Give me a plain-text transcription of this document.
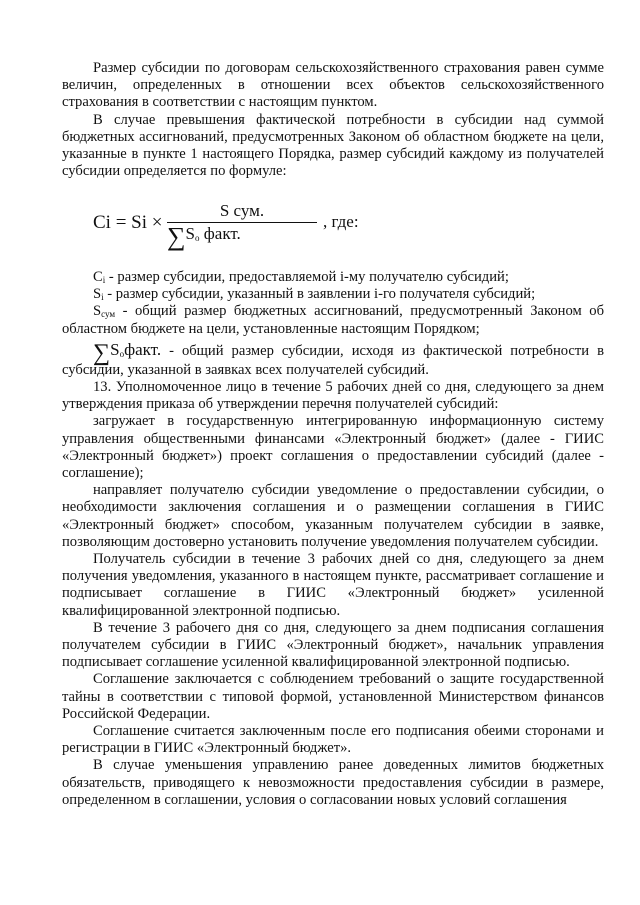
Размер субсидии по договорам сельскохозяйственного страхования равен сумме величин, определенных в отношении всех объектов сельскохозяйственного страхования в соответствии с настоящим пунктом.

В случае превышения фактической потребности в субсидии над суммой бюджетных ассигнований, предусмотренных Законом об областном бюджете на цели, указанные в пункте 1 настоящего Порядка, размер субсидий каждому из получателей субсидии определяется по формуле:

Ci = Si ×
S сум.
$\sum S_o$ факт.
, где:

$C_i$ - размер субсидии, предоставляемой i-му получателю субсидий;

$S_i$ - размер субсидии, указанный в заявлении i-го получателя субсидий;

$S_{сум}$ - общий размер бюджетных ассигнований, предусмотренный Законом об областном бюджете на цели, установленные настоящим Порядком;

$\sum S_oфакт$. - общий размер субсидии, исходя из фактической потребности в субсидии, указанной в заявках всех получателей субсидий.

13. Уполномоченное лицо в течение 5 рабочих дней со дня, следующего за днем утверждения приказа об утверждении перечня получателей субсидий:

загружает в государственную интегрированную информационную систему управления общественными финансами «Электронный бюджет» (далее - ГИИС «Электронный бюджет») проект соглашения о предоставлении субсидий (далее - соглашение);

направляет получателю субсидии уведомление о предоставлении субсидии, о необходимости заключения соглашения и о размещении соглашения в ГИИС «Электронный бюджет» способом, указанным получателем субсидии в заявке, позволяющим достоверно установить получение уведомления получателем субсидии.

Получатель субсидии в течение 3 рабочих дней со дня, следующего за днем получения уведомления, указанного в настоящем пункте, рассматривает соглашение и подписывает соглашение в ГИИС «Электронный бюджет» усиленной квалифицированной электронной подписью.

В течение 3 рабочего дня со дня, следующего за днем подписания соглашения получателем субсидии в ГИИС «Электронный бюджет», начальник управления подписывает соглашение усиленной квалифицированной электронной подписью.

Соглашение заключается с соблюдением требований о защите государственной тайны в соответствии с типовой формой, установленной Министерством финансов Российской Федерации.

Соглашение считается заключенным после его подписания обеими сторонами и регистрации в ГИИС «Электронный бюджет».

В случае уменьшения управлению ранее доведенных лимитов бюджетных обязательств, приводящего к невозможности предоставления субсидии в размере, определенном в соглашении, условия о согласовании новых условий соглашения
